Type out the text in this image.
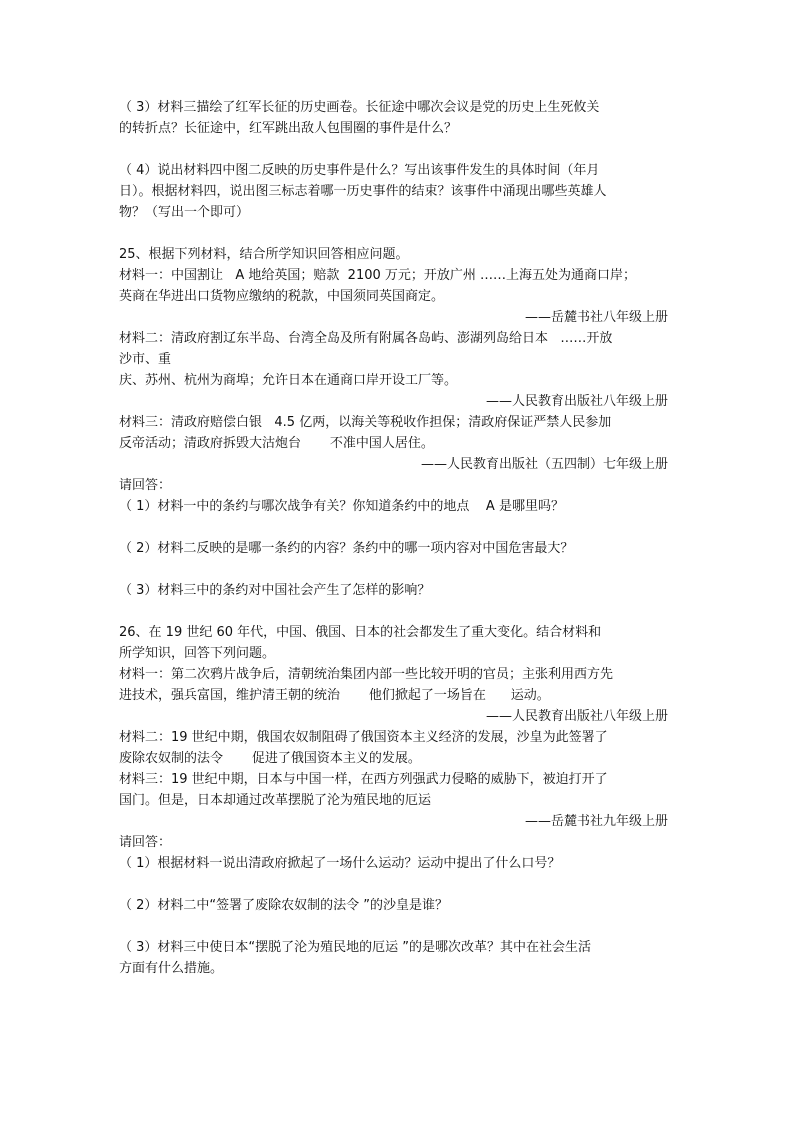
（ 3）材料三描绘了红军长征的历史画卷。长征途中哪次会议是党的历史上生死攸关
的转折点？长征途中，红军跳出敌人包围圈的事件是什么？
（ 4）说出材料四中图二反映的历史事件是什么？写出该事件发生的具体时间（年月
日）。根据材料四，说出图三标志着哪一历史事件的结束？该事件中涌现出哪些英雄人
物？（写出一个即可）
25、根据下列材料，结合所学知识回答相应问题。
材料一：中国割让   A 地给英国；赔款  2100 万元；开放广州 ……上海五处为通商口岸；
英商在华进出口货物应缴纳的税款，中国须同英国商定。
——岳麓书社八年级上册
材料二：清政府割辽东半岛、台湾全岛及所有附属各岛屿、澎湖列岛给日本   ……开放
沙市、重
庆、苏州、杭州为商埠；允许日本在通商口岸开设工厂等。
——人民教育出版社八年级上册
材料三：清政府赔偿白银   4.5 亿两，以海关等税收作担保；清政府保证严禁人民参加
反帝活动；清政府拆毁大沽炮台       不准中国人居住。
——人民教育出版社（五四制）七年级上册
请回答：
（ 1）材料一中的条约与哪次战争有关？你知道条约中的地点    A 是哪里吗？
（ 2）材料二反映的是哪一条约的内容？条约中的哪一项内容对中国危害最大？
（ 3）材料三中的条约对中国社会产生了怎样的影响？
26、在 19 世纪 60 年代，中国、俄国、日本的社会都发生了重大变化。结合材料和
所学知识，回答下列问题。
材料一：第二次鸦片战争后，清朝统治集团内部一些比较开明的官员；主张利用西方先
进技术，强兵富国，维护清王朝的统治       他们掀起了一场旨在      运动。
——人民教育出版社八年级上册
材料二：19 世纪中期，俄国农奴制阻碍了俄国资本主义经济的发展，沙皇为此签署了
废除农奴制的法令       促进了俄国资本主义的发展。
材料三：19 世纪中期，日本与中国一样，在西方列强武力侵略的威胁下，被迫打开了
国门。但是，日本却通过改革摆脱了沦为殖民地的厄运
——岳麓书社九年级上册
请回答：
（ 1）根据材料一说出清政府掀起了一场什么运动？运动中提出了什么口号？
（ 2）材料二中“签署了废除农奴制的法令 ”的沙皇是谁？
（ 3）材料三中使日本“摆脱了沦为殖民地的厄运 ”的是哪次改革？其中在社会生活
方面有什么措施。
